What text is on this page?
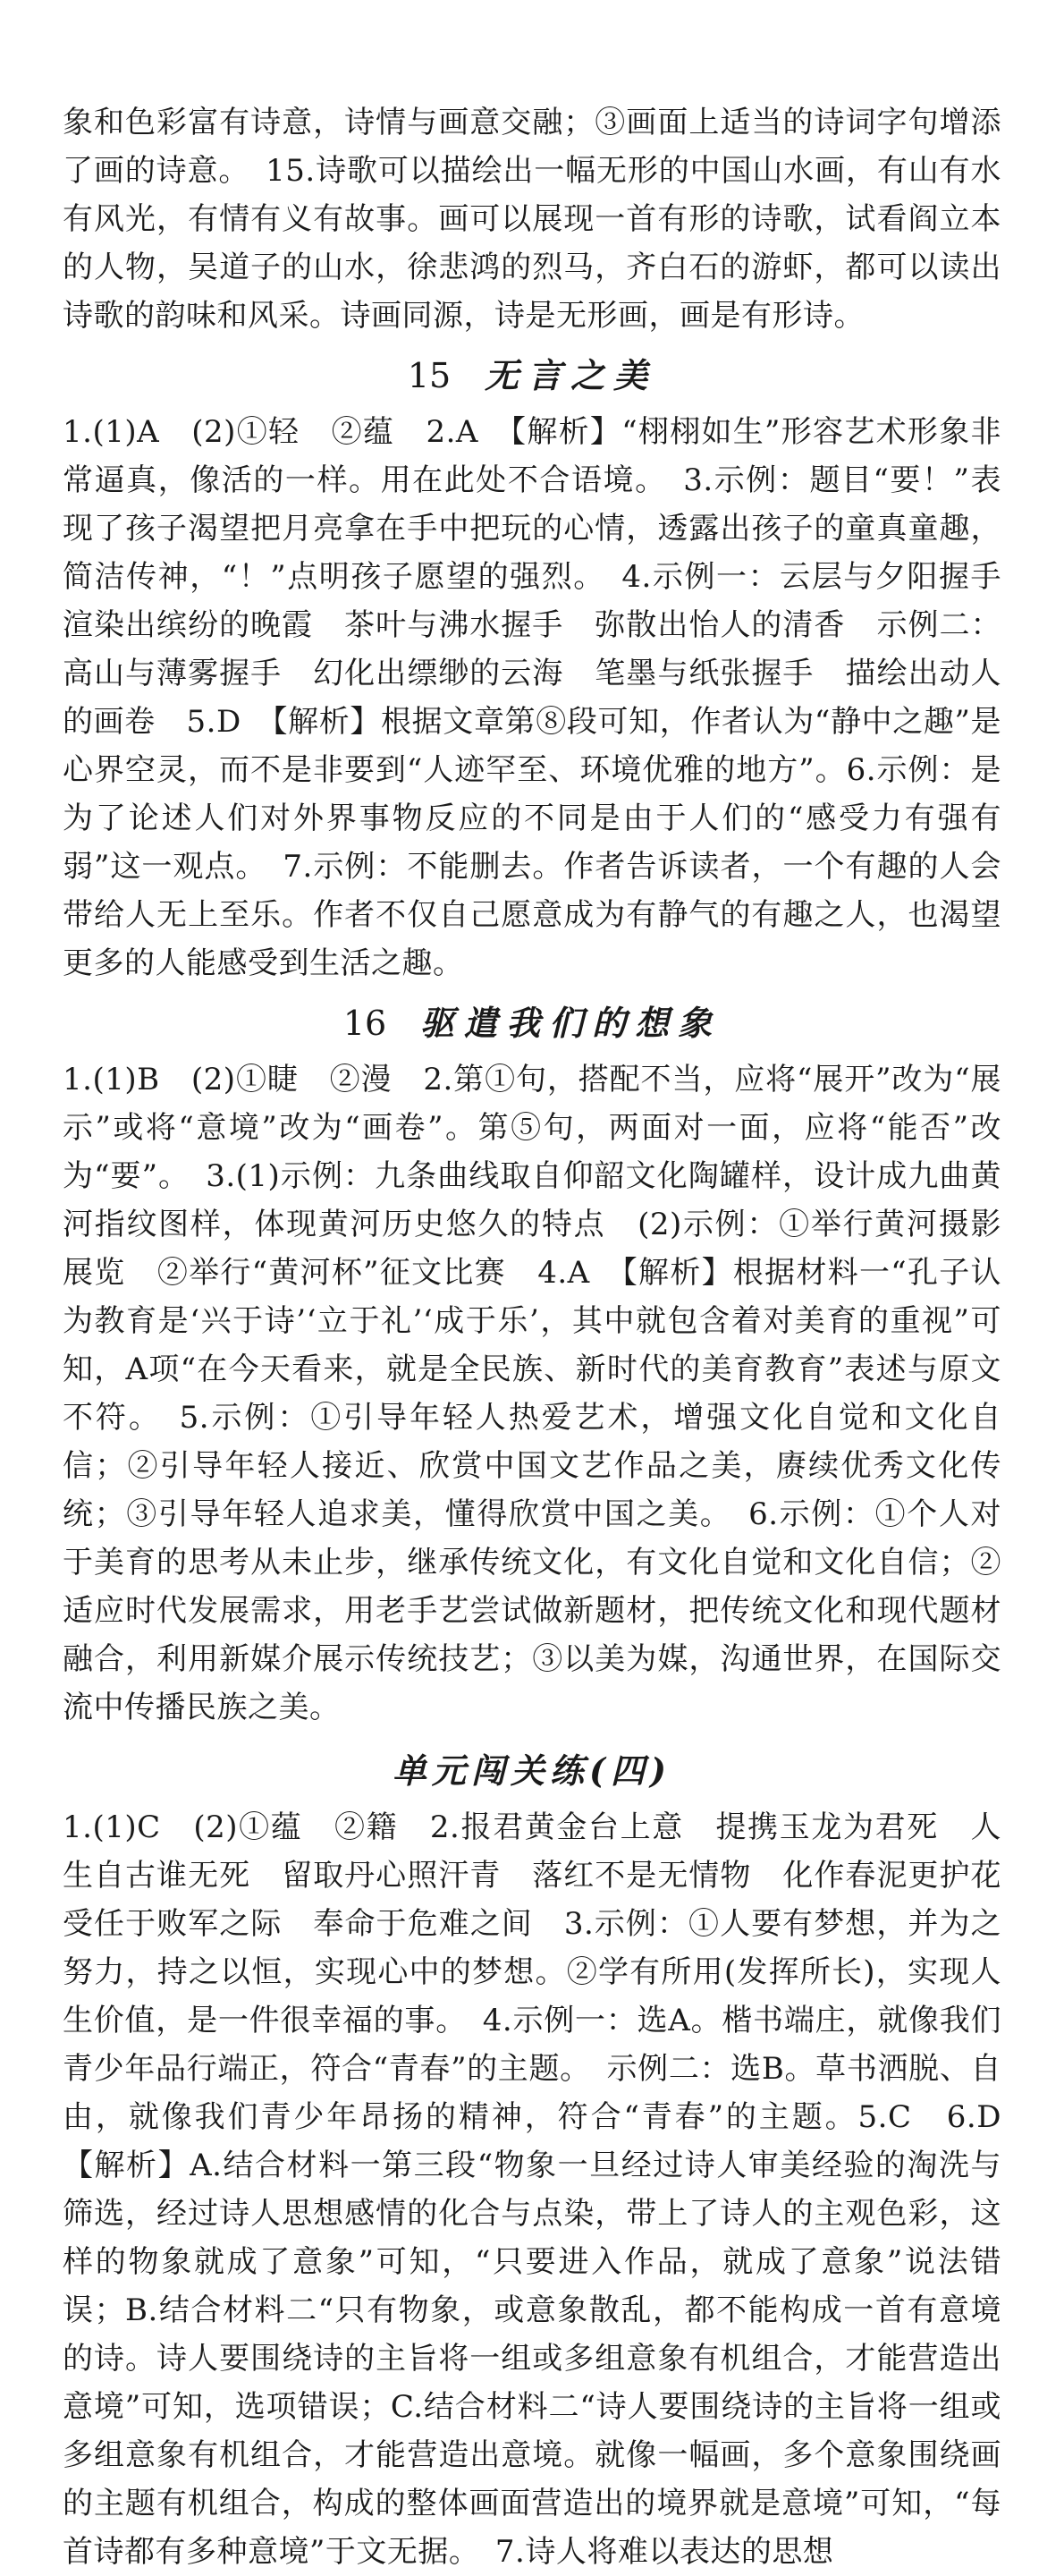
象和色彩富有诗意，诗情与画意交融；③画面上适当的诗词字句增添了画的诗意。　15.诗歌可以描绘出一幅无形的中国山水画，有山有水有风光，有情有义有故事。画可以展现一首有形的诗歌，试看阎立本的人物，吴道子的山水，徐悲鸿的烈马，齐白石的游虾，都可以读出诗歌的韵味和风采。诗画同源，诗是无形画，画是有形诗。

15 无言之美

1.(1)A　(2)①轻　②蕴　2.A　【解析】“栩栩如生”形容艺术形象非常逼真，像活的一样。用在此处不合语境。　3.示例：题目“要！”表现了孩子渴望把月亮拿在手中把玩的心情，透露出孩子的童真童趣，简洁传神，“！”点明孩子愿望的强烈。　4.示例一：云层与夕阳握手　渲染出缤纷的晚霞　茶叶与沸水握手　弥散出怡人的清香　示例二：高山与薄雾握手　幻化出缥缈的云海　笔墨与纸张握手　描绘出动人的画卷　5.D　【解析】根据文章第⑧段可知，作者认为“静中之趣”是心界空灵，而不是非要到“人迹罕至、环境优雅的地方”。6.示例：是为了论述人们对外界事物反应的不同是由于人们的“感受力有强有弱”这一观点。　7.示例：不能删去。作者告诉读者，一个有趣的人会带给人无上至乐。作者不仅自己愿意成为有静气的有趣之人，也渴望更多的人能感受到生活之趣。

16 驱遣我们的想象

1.(1)B　(2)①睫　②漫　2.第①句，搭配不当，应将“展开”改为“展示”或将“意境”改为“画卷”。第⑤句，两面对一面，应将“能否”改为“要”。　3.(1)示例：九条曲线取自仰韶文化陶罐样，设计成九曲黄河指纹图样，体现黄河历史悠久的特点　(2)示例：①举行黄河摄影展览　②举行“黄河杯”征文比赛　4.A　【解析】根据材料一“孔子认为教育是‘兴于诗’‘立于礼’‘成于乐’，其中就包含着对美育的重视”可知，A项“在今天看来，就是全民族、新时代的美育教育”表述与原文不符。　5.示例：①引导年轻人热爱艺术，增强文化自觉和文化自信；②引导年轻人接近、欣赏中国文艺作品之美，赓续优秀文化传统；③引导年轻人追求美，懂得欣赏中国之美。　6.示例：①个人对于美育的思考从未止步，继承传统文化，有文化自觉和文化自信；②适应时代发展需求，用老手艺尝试做新题材，把传统文化和现代题材融合，利用新媒介展示传统技艺；③以美为媒，沟通世界，在国际交流中传播民族之美。

单元闯关练(四)

1.(1)C　(2)①蕴　②籍　2.报君黄金台上意　提携玉龙为君死　人生自古谁无死　留取丹心照汗青　落红不是无情物　化作春泥更护花　受任于败军之际　奉命于危难之间　3.示例：①人要有梦想，并为之努力，持之以恒，实现心中的梦想。②学有所用(发挥所长)，实现人生价值，是一件很幸福的事。　4.示例一：选A。楷书端庄，就像我们青少年品行端正，符合“青春”的主题。　示例二：选B。草书洒脱、自由，就像我们青少年昂扬的精神，符合“青春”的主题。5.C　6.D　【解析】A.结合材料一第三段“物象一旦经过诗人审美经验的淘洗与筛选，经过诗人思想感情的化合与点染，带上了诗人的主观色彩，这样的物象就成了意象”可知，“只要进入作品，就成了意象”说法错误；B.结合材料二“只有物象，或意象散乱，都不能构成一首有意境的诗。诗人要围绕诗的主旨将一组或多组意象有机组合，才能营造出意境”可知，选项错误；C.结合材料二“诗人要围绕诗的主旨将一组或多组意象有机组合，才能营造出意境。就像一幅画，多个意象围绕画的主题有机组合，构成的整体画面营造出的境界就是意境”可知，“每首诗都有多种意境”于文无据。　7.诗人将难以表达的思想
